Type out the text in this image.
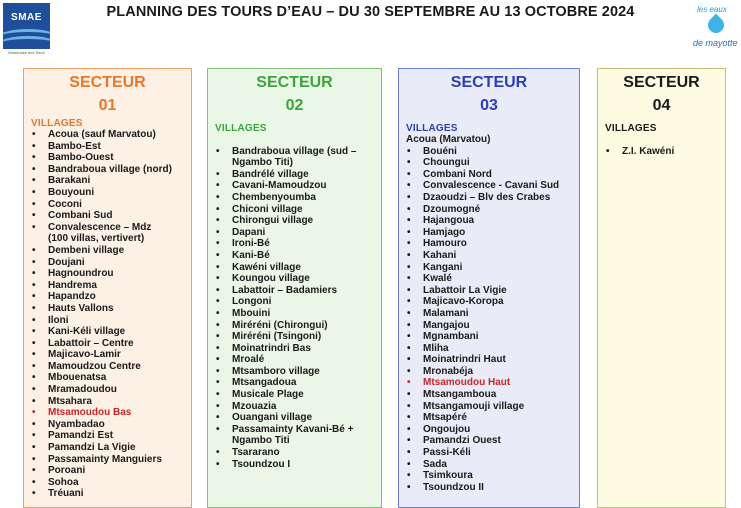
SMAE
Mahoraise des Eaux
PLANNING DES TOURS D’EAU – DU 30 SEPTEMBRE AU 13 OCTOBRE 2024	les eaux
de mayotte
SECTEUR
01
VILLAGES
• Acoua (sauf Marvatou)
• Bambo-Est
• Bambo-Ouest
• Bandraboua village (nord)
• Barakani
• Bouyouni
• Coconi
• Combani Sud
• Convalescence – Mdz
(100 villas, vertivert)
• Dembeni village
• Doujani
• Hagnoundrou
• Handrema
• Hapandzo
• Hauts Vallons
• Iloni
• Kani-Kéli village
• Labattoir – Centre
• Majicavo-Lamir
• Mamoudzou Centre
• Mbouenatsa
• Mramadoudou
• Mtsahara
• Mtsamoudou Bas
• Nyambadao
• Pamandzi Est
• Pamandzi La Vigie
• Passamainty Manguiers
• Poroani
• Sohoa
• Tréuani
SECTEUR
02
VILLAGES

• Bandraboua village (sud –
Ngambo Titi)
• Bandrélé village
• Cavani-Mamoudzou
• Chembenyoumba
• Chiconi village
• Chirongui village
• Dapani
• Ironi-Bé
• Kani-Bé
• Kawéni village
• Koungou village
• Labattoir – Badamiers
• Longoni
• Mbouini
• Miréréni (Chirongui)
• Miréréni (Tsingoni)
• Moinatrindri Bas
• Mroalé
• Mtsamboro village
• Mtsangadoua
• Musicale Plage
• Mzouazia
• Ouangani village
• Passamainty Kavani-Bé +
Ngambo Titi
• Tsararano
• Tsoundzou I
SECTEUR
03
VILLAGES
Acoua (Marvatou)
• Bouéni
• Choungui
• Combani Nord
• Convalescence - Cavani Sud
• Dzaoudzi – Blv des Crabes
• Dzoumogné
• Hajangoua
• Hamjago
• Hamouro
• Kahani
• Kangani
• Kwalé
• Labattoir La Vigie
• Majicavo-Koropa
• Malamani
• Mangajou
• Mgnambani
• Mliha
• Moinatrindri Haut
• Mronabéja
• Mtsamoudou Haut
• Mtsangamboua
• Mtsangamouji village
• Mtsapéré
• Ongoujou
• Pamandzi Ouest
• Passi-Kéli
• Sada
• Tsimkoura
• Tsoundzou II
SECTEUR
04
VILLAGES

• Z.I. Kawéni
